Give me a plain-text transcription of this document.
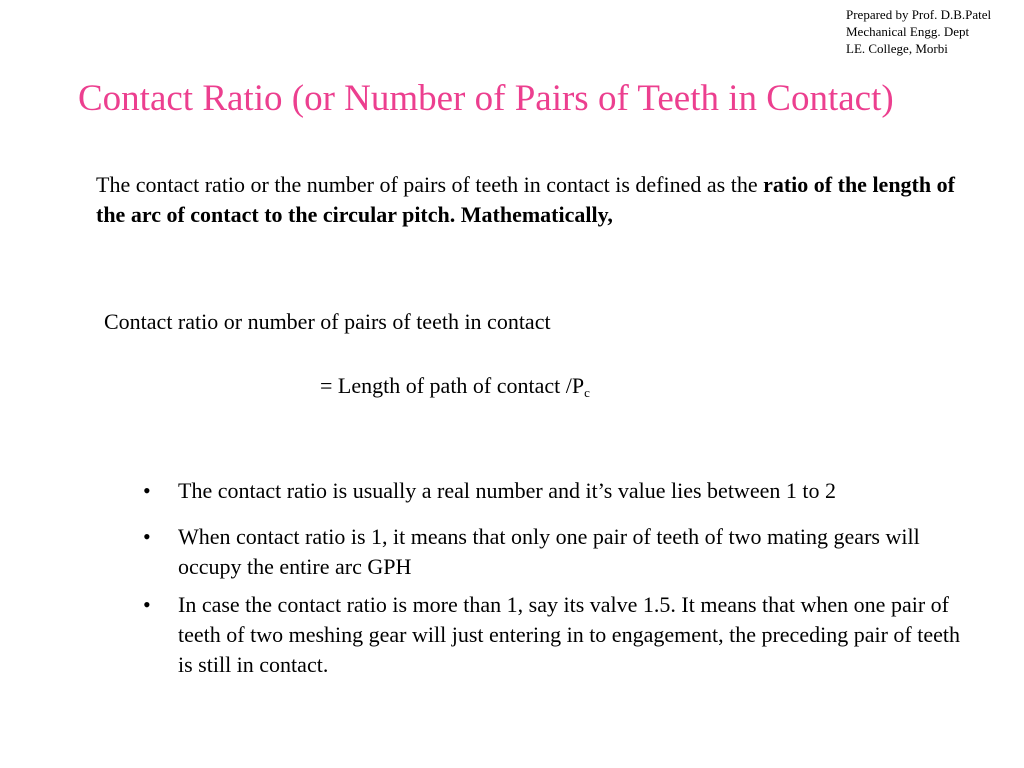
Prepared by Prof. D.B.Patel
Mechanical Engg. Dept
LE. College, Morbi
Contact Ratio (or Number of Pairs of Teeth in Contact)

The contact ratio or the number of pairs of teeth in contact is defined as the ratio of the length of the arc of contact to the circular pitch. Mathematically,

Contact ratio or number of pairs of teeth in contact
= Length of path of contact $/P_c$
• The contact ratio is usually a real number and it’s value lies between 1 to 2
• When contact ratio is 1, it means that only one pair of teeth of two mating gears will occupy the entire arc GPH
• In case the contact ratio is more than 1, say its valve 1.5. It means that when one pair of teeth of two meshing gear will just entering in to engagement, the preceding pair of teeth is still in contact.
